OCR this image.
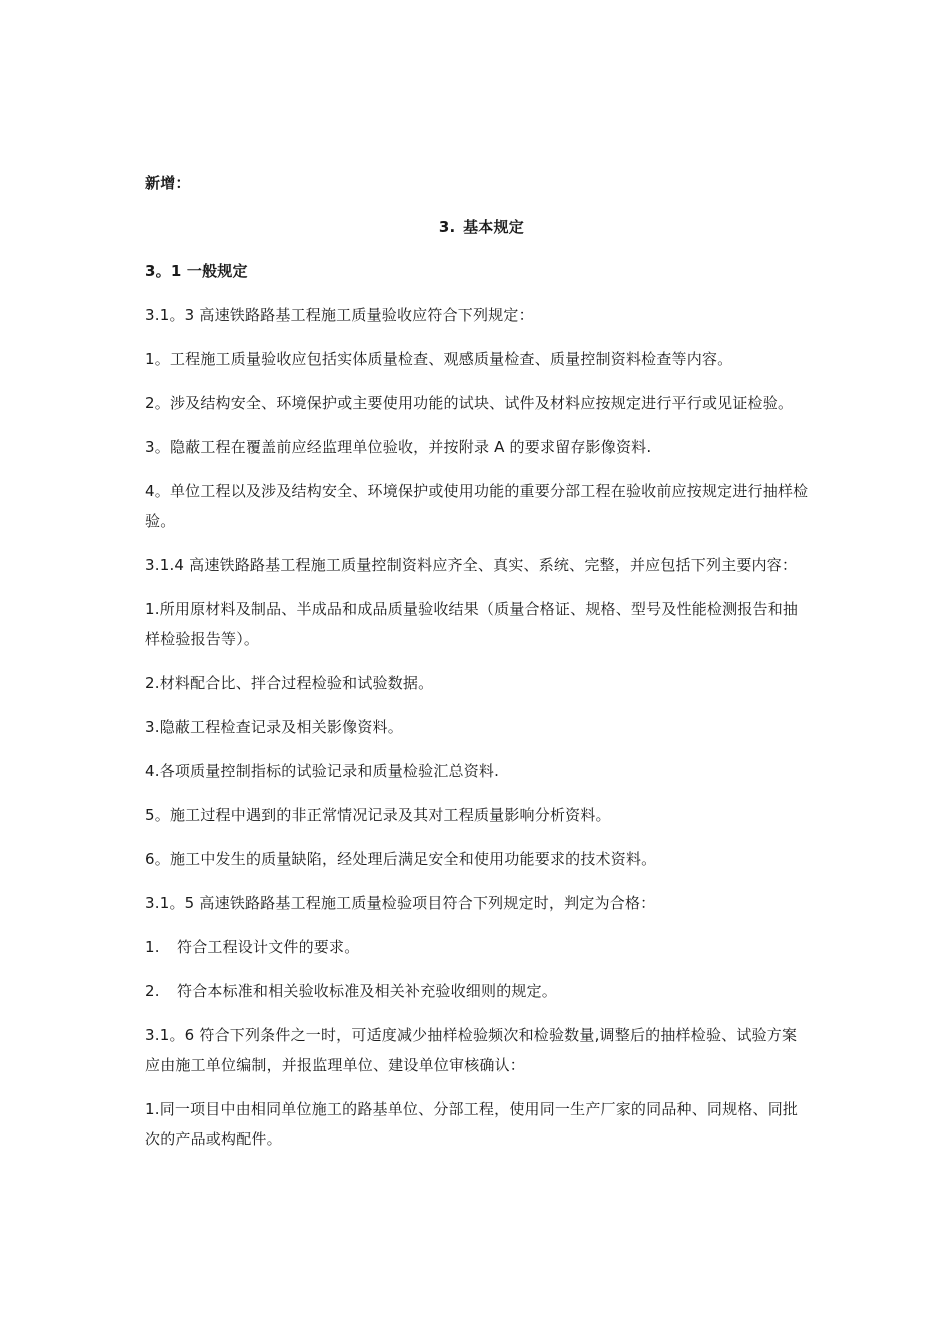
新增：

3. 基本规定

3。1 一般规定

3.1。3 高速铁路路基工程施工质量验收应符合下列规定：

1。工程施工质量验收应包括实体质量检查、观感质量检查、质量控制资料检查等内容。

2。涉及结构安全、环境保护或主要使用功能的试块、试件及材料应按规定进行平行或见证检验。

3。隐蔽工程在覆盖前应经监理单位验收，并按附录 A 的要求留存影像资料.

4。单位工程以及涉及结构安全、环境保护或使用功能的重要分部工程在验收前应按规定进行抽样检验。

3.1.4 高速铁路路基工程施工质量控制资料应齐全、真实、系统、完整，并应包括下列主要内容：

1.所用原材料及制品、半成品和成品质量验收结果（质量合格证、规格、型号及性能检测报告和抽样检验报告等）。

2.材料配合比、拌合过程检验和试验数据。

3.隐蔽工程检查记录及相关影像资料。

4.各项质量控制指标的试验记录和质量检验汇总资料.

5。施工过程中遇到的非正常情况记录及其对工程质量影响分析资料。

6。施工中发生的质量缺陷，经处理后满足安全和使用功能要求的技术资料。

3.1。5 高速铁路路基工程施工质量检验项目符合下列规定时，判定为合格：

1.	符合工程设计文件的要求。

2.	符合本标准和相关验收标准及相关补充验收细则的规定。

3.1。6 符合下列条件之一时，可适度减少抽样检验频次和检验数量,调整后的抽样检验、试验方案应由施工单位编制，并报监理单位、建设单位审核确认：

1.同一项目中由相同单位施工的路基单位、分部工程，使用同一生产厂家的同品种、同规格、同批次的产品或构配件。
